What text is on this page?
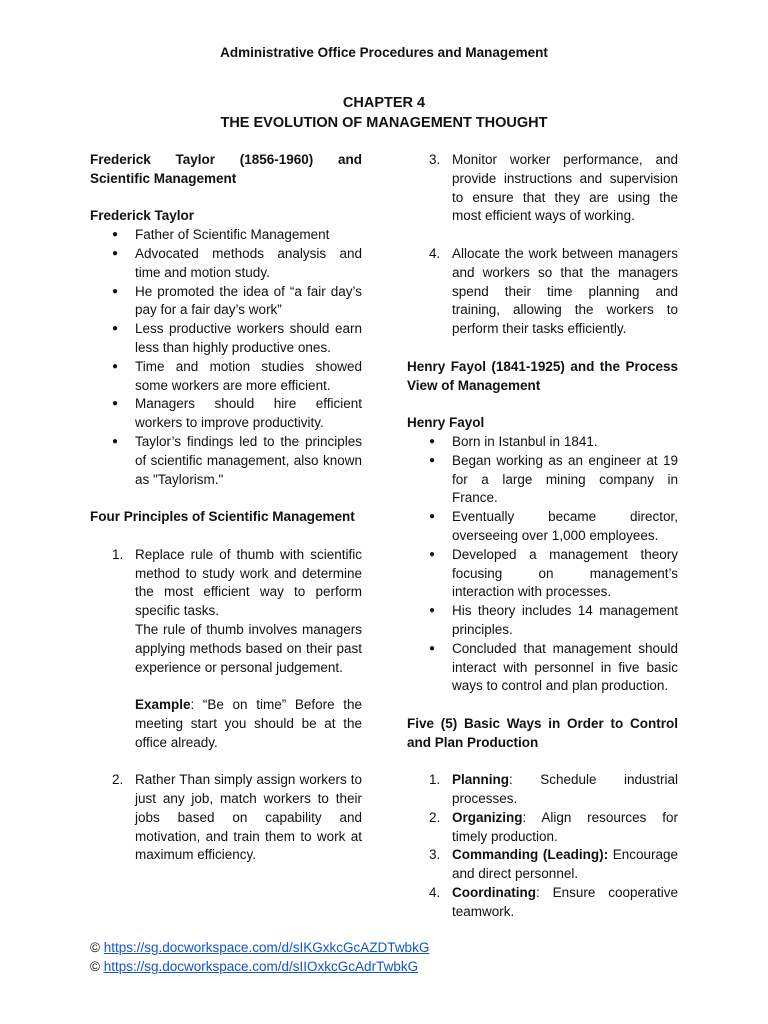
Administrative Office Procedures and Management
CHAPTER 4
THE EVOLUTION OF MANAGEMENT THOUGHT
Frederick Taylor (1856-1960) and Scientific Management
Frederick Taylor
● Father of Scientific Management
● Advocated methods analysis and time and motion study.
● He promoted the idea of “a fair day’s pay for a fair day’s work”
● Less productive workers should earn less than highly productive ones.
● Time and motion studies showed some workers are more efficient.
● Managers should hire efficient workers to improve productivity.
● Taylor’s findings led to the principles of scientific management, also known as "Taylorism."
Four Principles of Scientific Management
1. Replace rule of thumb with scientific method to study work and determine the most efficient way to perform specific tasks.
The rule of thumb involves managers applying methods based on their past experience or personal judgement.
Example: “Be on time” Before the meeting start you should be at the office already.
2. Rather Than simply assign workers to just any job, match workers to their jobs based on capability and motivation, and train them to work at maximum efficiency.
3. Monitor worker performance, and provide instructions and supervision to ensure that they are using the most efficient ways of working.
4. Allocate the work between managers and workers so that the managers spend their time planning and training, allowing the workers to perform their tasks efficiently.
Henry Fayol (1841-1925) and the Process View of Management
Henry Fayol
● Born in Istanbul in 1841.
● Began working as an engineer at 19 for a large mining company in France.
● Eventually became director, overseeing over 1,000 employees.
● Developed a management theory focusing on management’s interaction with processes.
● His theory includes 14 management principles.
● Concluded that management should interact with personnel in five basic ways to control and plan production.
Five (5) Basic Ways in Order to Control and Plan Production
1. Planning: Schedule industrial processes.
2. Organizing: Align resources for timely production.
3. Commanding (Leading): Encourage and direct personnel.
4. Coordinating: Ensure cooperative teamwork.
© https://sg.docworkspace.com/d/sIKGxkcGcAZDTwbkG
© https://sg.docworkspace.com/d/sIIOxkcGcAdrTwbkG
